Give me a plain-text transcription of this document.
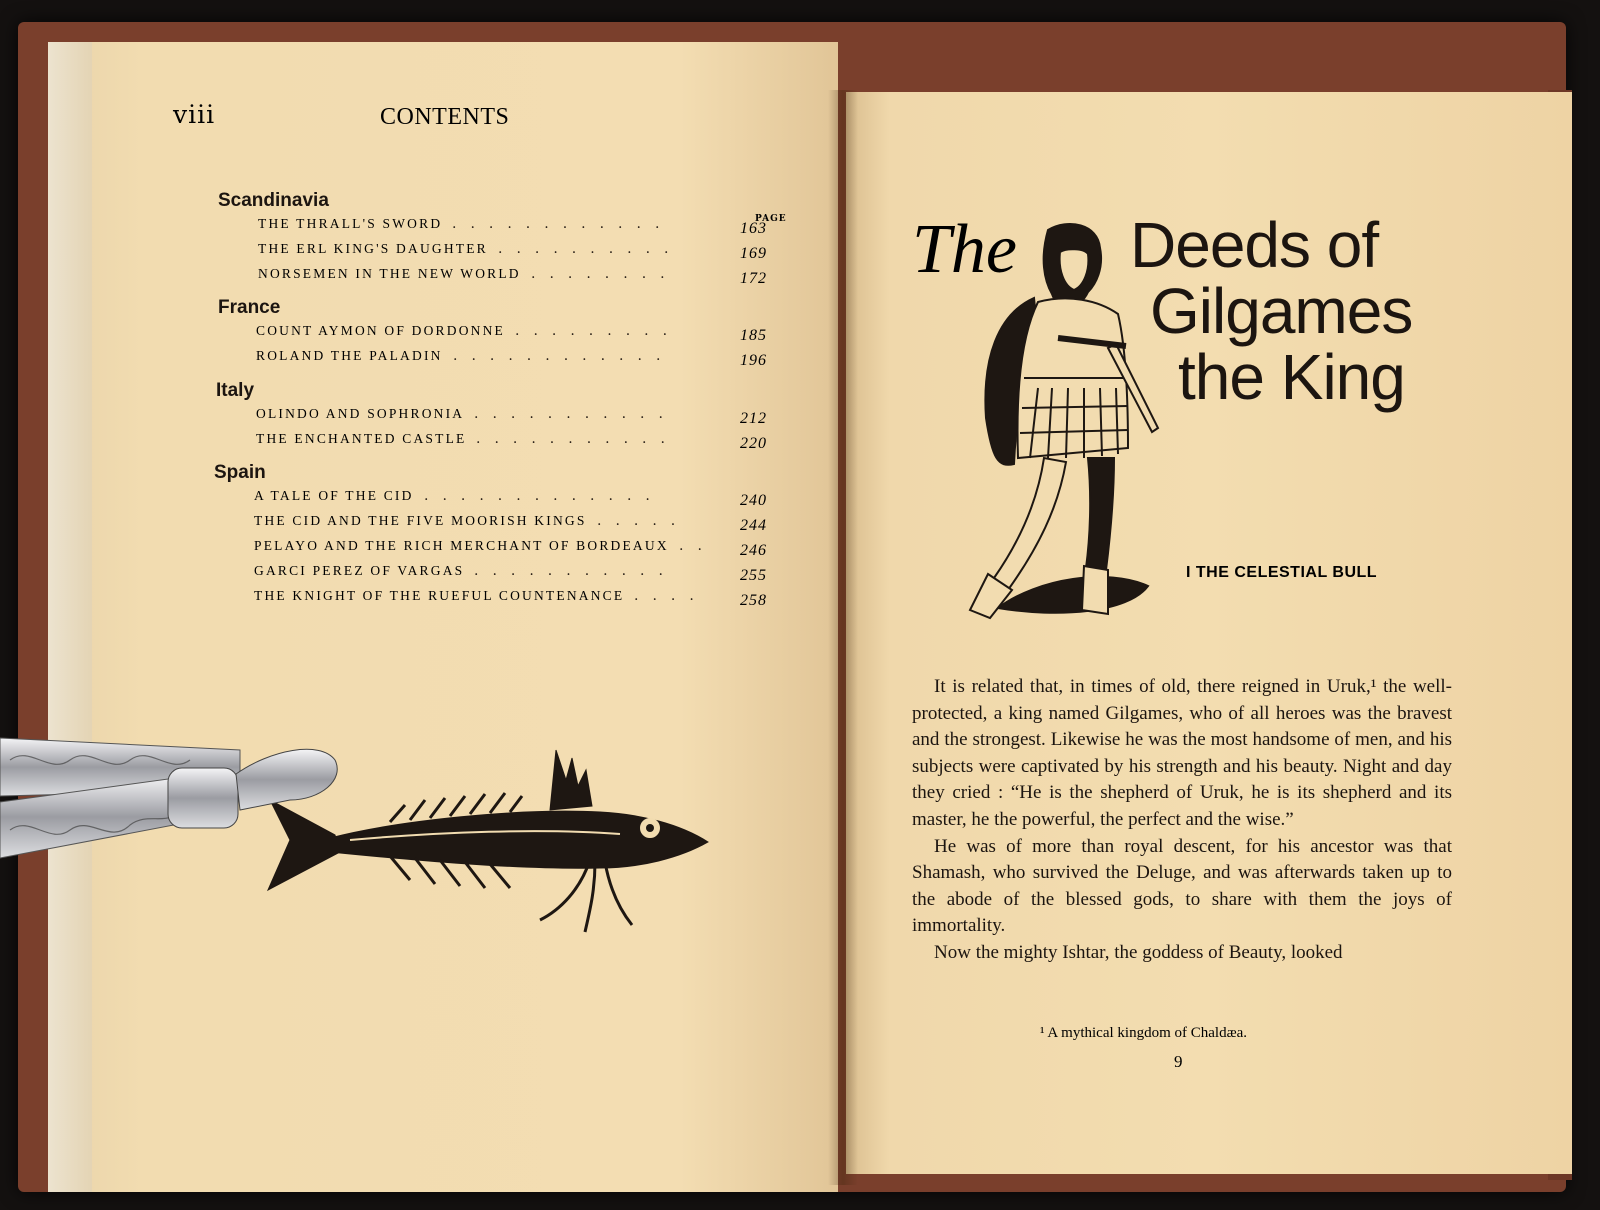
viii	CONTENTS
PAGE
Scandinavia
THE THRALL'S SWORD ............	163
THE ERL KING'S DAUGHTER ..........	169
NORSEMEN IN THE NEW WORLD ........	172
France
COUNT AYMON OF DORDONNE .........	185
ROLAND THE PALADIN ............	196
Italy
OLINDO AND SOPHRONIA ...........	212
THE ENCHANTED CASTLE ...........	220
Spain
A TALE OF THE CID .............	240
THE CID AND THE FIVE MOORISH KINGS .....	244
PELAYO AND THE RICH MERCHANT OF BORDEAUX .. 246
GARCI PEREZ OF VARGAS ...........	255
THE KNIGHT OF THE RUEFUL COUNTENANCE .... 258
The Deeds of
Gilgames
the King
I THE CELESTIAL BULL

It is related that, in times of old, there reigned in Uruk,¹ the well-protected, a king named Gilgames, who of all heroes was the bravest and the strongest. Likewise he was the most handsome of men, and his subjects were captivated by his strength and his beauty. Night and day they cried : “He is the shepherd of Uruk, he is its shepherd and its master, he the powerful, the perfect and the wise.”

He was of more than royal descent, for his ancestor was that Shamash, who survived the Deluge, and was afterwards taken up to the abode of the blessed gods, to share with them the joys of immortality.

Now the mighty Ishtar, the goddess of Beauty, looked

¹ A mythical kingdom of Chaldæa.
9
